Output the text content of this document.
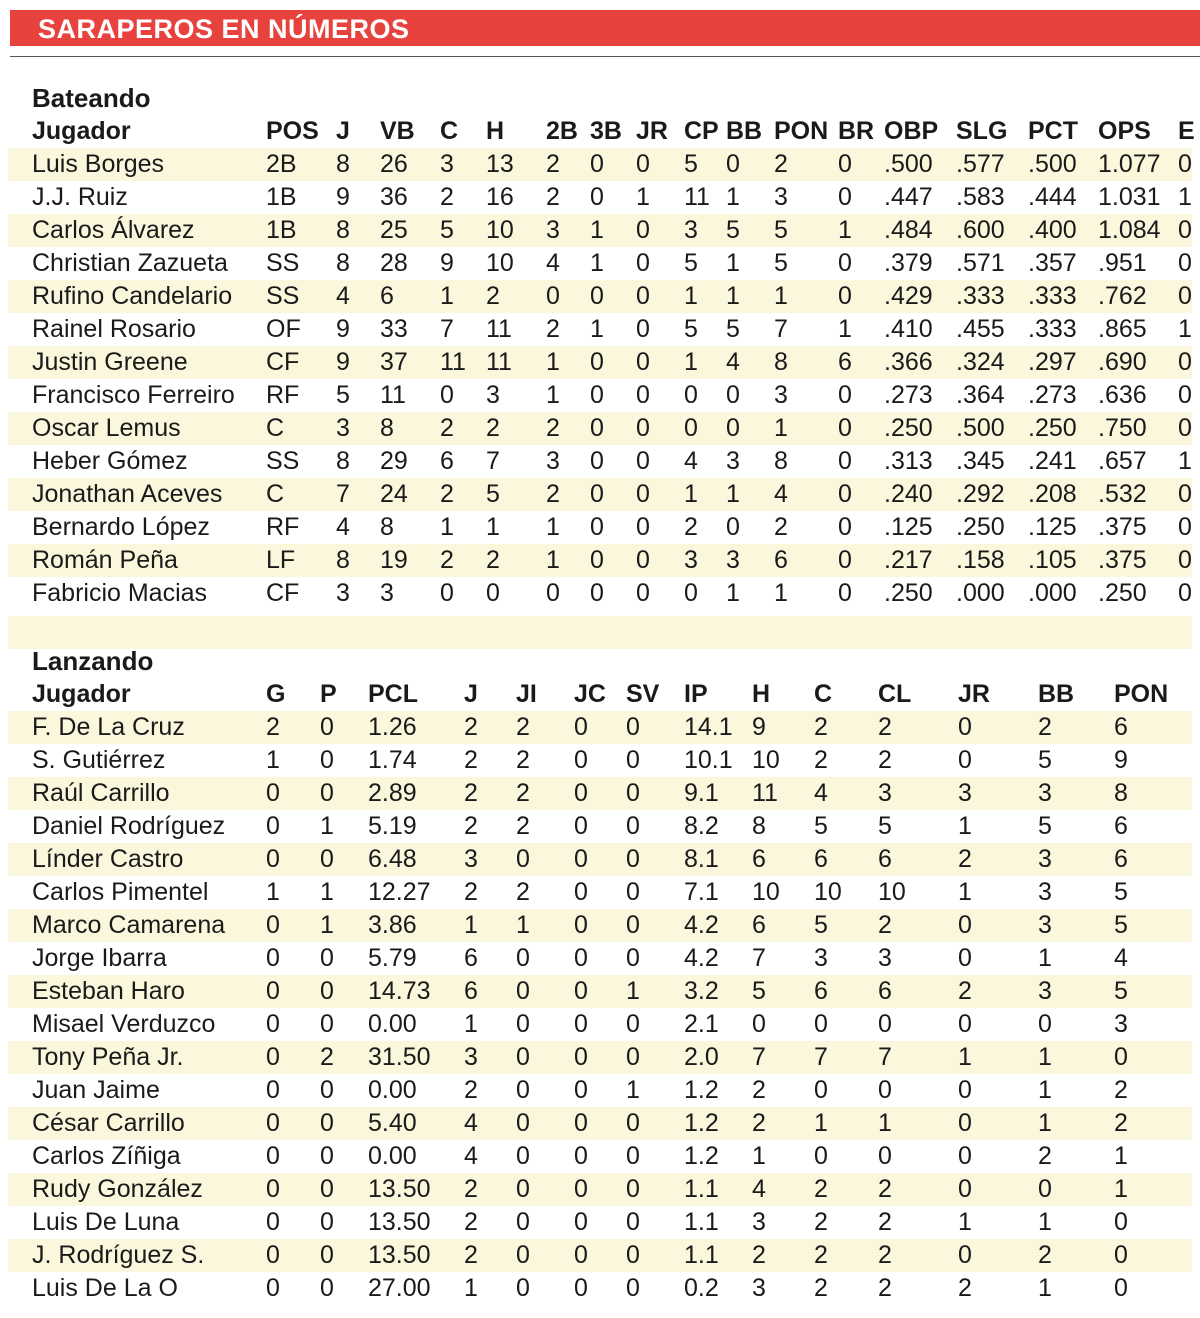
SARAPEROS EN NÚMEROS
Bateando
Jugador	POS J VB C H 2B 3B JR CP BB PON BR OBP SLG PCT OPS E
Luis Borges	2B 8 26 3 13 2 0 0 5 0 2 0 .500 .577 .500 1.077 0
J.J. Ruiz	1B 9 36 2 16 2 0 1 11 1 3 0 .447 .583 .444 1.031 1
Carlos Álvarez	1B 8 25 5 10 3 1 0 3 5 5 1 .484 .600 .400 1.084 0
Christian Zazueta SS 8 28 9 10 4 1 0 5 1 5 0 .379 .571 .357 .951 0
Rufino Candelario SS 4 6 1 2 0 0 0 1 1 1 0 .429 .333 .333 .762 0
Rainel Rosario	OF 9 33 7 11 2 1 0 5 5 7 1 .410 .455 .333 .865 1
Justin Greene	CF 9 37 11 11 1 0 0 1 4 8 6 .366 .324 .297 .690 0
Francisco Ferreiro RF 5 11 0 3 1 0 0 0 0 3 0 .273 .364 .273 .636 0
Oscar Lemus	C 3 8 2 2 2 0 0 0 0 1 0 .250 .500 .250 .750 0
Heber Gómez	SS 8 29 6 7 3 0 0 4 3 8 0 .313 .345 .241 .657 1
Jonathan Aceves C 7 24 2 5 2 0 0 1 1 4 0 .240 .292 .208 .532 0
Bernardo López RF 4 8 1 1 1 0 0 2 0 2 0 .125 .250 .125 .375 0
Román Peña	LF 8 19 2 2 1 0 0 3 3 6 0 .217 .158 .105 .375 0
Fabricio Macias CF 3 3 0 0 0 0 0 0 1 1 0 .250 .000 .000 .250 0
Lanzando
Jugador	G P PCL J JI JC SV IP H C CL JR BB PON
F. De La Cruz	2 0 1.26 2 2 0 0 14.1 9 2 2	0	2 6
S. Gutiérrez	1 0 1.74 2 2 0 0 10.1 10 2 2	0	5 9
Raúl Carrillo	0 0 2.89 2 2 0 0 9.1 11 4 3	3	3 8
Daniel Rodríguez 0 1 5.19 2 2 0 0 8.2 8 5 5	1	5 6
Línder Castro	0 0 6.48 3 0 0 0 8.1 6 6 6	2	3 6
Carlos Pimentel 1 1 12.27 2 2 0 0 7.1 10 10 10 1	3 5
Marco Camarena 0 1 3.86 1 1 0 0 4.2 6 5 2	0	3 5
Jorge Ibarra	0 0 5.79 6 0 0 0 4.2 7 3 3	0	1 4
Esteban Haro	0 0 14.73 6 0 0 1 3.2 5 6 6	2	3 5
Misael Verduzco 0 0 0.00 1 0 0 0 2.1 0 0 0	0	0 3
Tony Peña Jr.	0 2 31.50 3 0 0 0 2.0 7 7 7	1	1 0
Juan Jaime	0 0 0.00 2 0 0 1 1.2 2 0 0	0	1 2
César Carrillo	0 0 5.40 4 0 0 0 1.2 2 1 1	0	1 2
Carlos Zíñiga	0 0 0.00 4 0 0 0 1.2 1 0 0	0	2 1
Rudy González	0 0 13.50 2 0 0 0 1.1 4 2 2	0	0 1
Luis De Luna	0 0 13.50 2 0 0 0 1.1 3 2 2	1	1 0
J. Rodríguez S. 0 0 13.50 2 0 0 0 1.1 2 2 2	0	2 0
Luis De La O	0 0 27.00 1 0 0 0 0.2 3 2 2	2	1 0
